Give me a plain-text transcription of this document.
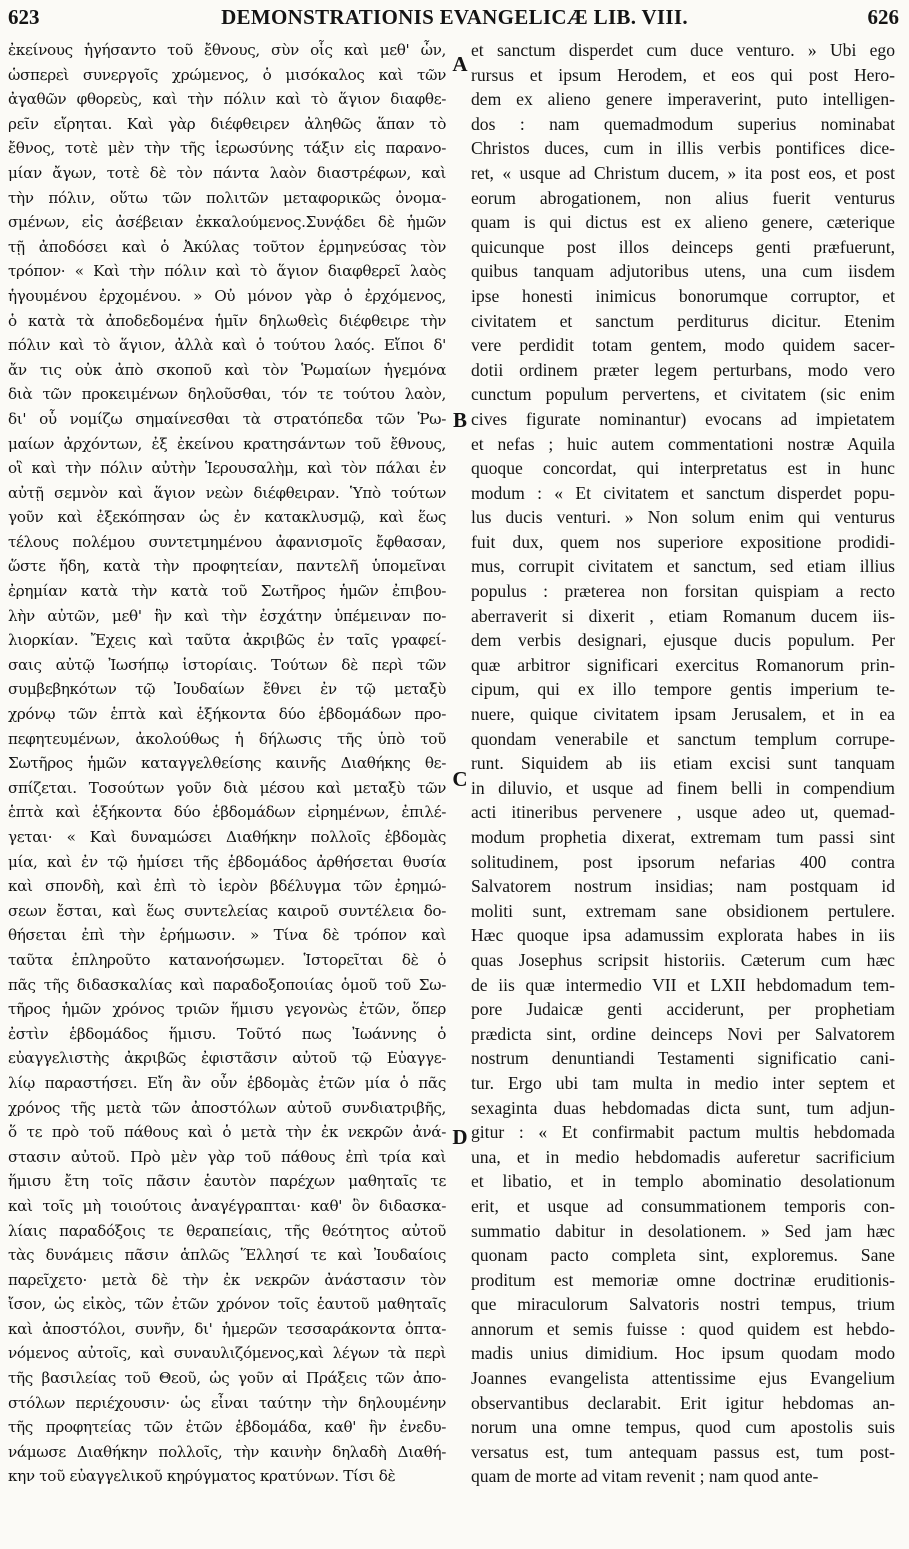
623	DEMONSTRATIONIS EVANGELICÆ LIB. VIII.	626
ἐκείνους ἡγήσαντο τοῦ ἔθνους, σὺν οἷς καὶ μεθ' ὧν,
ὡσπερεὶ συνεργοῖς χρώμενος, ὁ μισόκαλος καὶ τῶν
ἀγαθῶν φθορεὺς, καὶ τὴν πόλιν καὶ τὸ ἅγιον διαφθε-
ρεῖν εἴρηται. Καὶ γὰρ διέφθειρεν ἀληθῶς ἅπαν τὸ
ἔθνος, τοτὲ μὲν τὴν τῆς ἱερωσύνης τάξιν εἰς παρανο-
μίαν ἄγων, τοτὲ δὲ τὸν πάντα λαὸν διαστρέφων, καὶ
τὴν πόλιν, οὕτω τῶν πολιτῶν μεταφορικῶς ὀνομα-
σμένων, εἰς ἀσέβειαν ἐκκαλούμενος.Συνᾴδει δὲ ἡμῶν
τῇ ἀποδόσει καὶ ὁ Ἀκύλας τοῦτον ἑρμηνεύσας τὸν
τρόπον· « Καὶ τὴν πόλιν καὶ τὸ ἅγιον διαφθερεῖ λαὸς
ἡγουμένου ἐρχομένου. » Οὐ μόνον γὰρ ὁ ἐρχόμενος,
ὁ κατὰ τὰ ἀποδεδομένα ἡμῖν δηλωθεὶς διέφθειρε τὴν
πόλιν καὶ τὸ ἅγιον, ἀλλὰ καὶ ὁ τούτου λαός. Εἴποι δ'
ἄν τις οὐκ ἀπὸ σκοποῦ καὶ τὸν Ῥωμαίων ἡγεμόνα
διὰ τῶν προκειμένων δηλοῦσθαι, τόν τε τούτου λαὸν,
δι' οὗ νομίζω σημαίνεσθαι τὰ στρατόπεδα τῶν Ῥω-
μαίων ἀρχόντων, ἐξ ἐκείνου κρατησάντων τοῦ ἔθνους,
οἳ καὶ τὴν πόλιν αὐτὴν Ἱερουσαλὴμ, καὶ τὸν πάλαι ἐν
αὐτῇ σεμνὸν καὶ ἅγιον νεὼν διέφθειραν. Ὑπὸ τούτων
γοῦν καὶ ἐξεκόπησαν ὡς ἐν κατακλυσμῷ, καὶ ἕως
τέλους πολέμου συντετμημένου ἀφανισμοῖς ἔφθασαν,
ὥστε ἤδη, κατὰ τὴν προφητείαν, παντελῆ ὑπομεῖναι
ἐρημίαν κατὰ τὴν κατὰ τοῦ Σωτῆρος ἡμῶν ἐπιβου-
λὴν αὐτῶν, μεθ' ἣν καὶ τὴν ἐσχάτην ὑπέμειναν πο-
λιορκίαν. Ἔχεις καὶ ταῦτα ἀκριβῶς ἐν ταῖς γραφεί-
σαις αὐτῷ Ἰωσήπῳ ἱστορίαις. Τούτων δὲ περὶ τῶν
συμβεβηκότων τῷ Ἰουδαίων ἔθνει ἐν τῷ μεταξὺ
χρόνῳ τῶν ἑπτὰ καὶ ἑξήκοντα δύο ἑβδομάδων προ-
πεφητευμένων, ἀκολούθως ἡ δήλωσις τῆς ὑπὸ τοῦ
Σωτῆρος ἡμῶν καταγγελθείσης καινῆς Διαθήκης θε-
σπίζεται. Τοσούτων γοῦν διὰ μέσου καὶ μεταξὺ τῶν
ἑπτὰ καὶ ἑξήκοντα δύο ἑβδομάδων εἰρημένων, ἐπιλέ-
γεται· « Καὶ δυναμώσει Διαθήκην πολλοῖς ἑβδομὰς
μία, καὶ ἐν τῷ ἡμίσει τῆς ἑβδομάδος ἀρθήσεται θυσία
καὶ σπονδὴ, καὶ ἐπὶ τὸ ἱερὸν βδέλυγμα τῶν ἐρημώ-
σεων ἔσται, καὶ ἕως συντελείας καιροῦ συντέλεια δο-
θήσεται ἐπὶ τὴν ἐρήμωσιν. » Τίνα δὲ τρόπον καὶ
ταῦτα ἐπληροῦτο κατανοήσωμεν. Ἱστορεῖται δὲ ὁ
πᾶς τῆς διδασκαλίας καὶ παραδοξοποιίας ὁμοῦ τοῦ Σω-
τῆρος ἡμῶν χρόνος τριῶν ἥμισυ γεγονὼς ἐτῶν, ὅπερ
ἐστὶν ἑβδομάδος ἥμισυ. Τοῦτό πως Ἰωάννης ὁ
εὐαγγελιστὴς ἀκριβῶς ἐφιστᾶσιν αὐτοῦ τῷ Εὐαγγε-
λίῳ παραστήσει. Εἴη ἂν οὖν ἑβδομὰς ἐτῶν μία ὁ πᾶς
χρόνος τῆς μετὰ τῶν ἀποστόλων αὐτοῦ συνδιατριβῆς,
ὅ τε πρὸ τοῦ πάθους καὶ ὁ μετὰ τὴν ἐκ νεκρῶν ἀνά-
στασιν αὐτοῦ. Πρὸ μὲν γὰρ τοῦ πάθους ἐπὶ τρία καὶ
ἥμισυ ἔτη τοῖς πᾶσιν ἑαυτὸν παρέχων μαθηταῖς τε
καὶ τοῖς μὴ τοιούτοις ἀναγέγραπται· καθ' ὃν διδασκα-
λίαις παραδόξοις τε θεραπείαις, τῆς θεότητος αὐτοῦ
τὰς δυνάμεις πᾶσιν ἁπλῶς Ἕλλησί τε καὶ Ἰουδαίοις
παρεῖχετο· μετὰ δὲ τὴν ἐκ νεκρῶν ἀνάστασιν τὸν
ἴσον, ὡς εἰκὸς, τῶν ἐτῶν χρόνον τοῖς ἑαυτοῦ μαθηταῖς
καὶ ἀποστόλοι, συνῆν, δι' ἡμερῶν τεσσαράκοντα ὀπτα-
νόμενος αὐτοῖς, καὶ συναυλιζόμενος,καὶ λέγων τὰ περὶ
τῆς βασιλείας τοῦ Θεοῦ, ὡς γοῦν αἱ Πράξεις τῶν ἀπο-
στόλων περιέχουσιν· ὡς εἶναι ταύτην τὴν δηλουμένην
τῆς προφητείας τῶν ἐτῶν ἑβδομάδα, καθ' ἣν ἐνεδυ-
νάμωσε Διαθήκην πολλοῖς, τὴν καινὴν δηλαδὴ Διαθή-
κην τοῦ εὐαγγελικοῦ κηρύγματος κρατύνων. Τίσι δὲ
A
B
C
D
et sanctum disperdet cum duce venturo. » Ubi ego
rursus et ipsum Herodem, et eos qui post Hero-
dem ex alieno genere imperaverint, puto intelligen-
dos : nam quemadmodum superius nominabat
Christos duces, cum in illis verbis pontifices dice-
ret, « usque ad Christum ducem, » ita post eos, et post
eorum abrogationem, non alius fuerit venturus
quam is qui dictus est ex alieno genere, cæterique
quicunque post illos deinceps genti præfuerunt,
quibus tanquam adjutoribus utens, una cum iisdem
ipse honesti inimicus bonorumque corruptor, et
civitatem et sanctum perditurus dicitur. Etenim
vere perdidit totam gentem, modo quidem sacer-
dotii ordinem præter legem perturbans, modo vero
cunctum populum pervertens, et civitatem (sic enim
cives figurate nominantur) evocans ad impietatem
et nefas ; huic autem commentationi nostræ Aquila
quoque concordat, qui interpretatus est in hunc
modum : « Et civitatem et sanctum disperdet popu-
lus ducis venturi. » Non solum enim qui venturus
fuit dux, quem nos superiore expositione prodidi-
mus, corrupit civitatem et sanctum, sed etiam illius
populus : præterea non forsitan quispiam a recto
aberraverit si dixerit , etiam Romanum ducem iis-
dem verbis designari, ejusque ducis populum. Per
quæ arbitror significari exercitus Romanorum prin-
cipum, qui ex illo tempore gentis imperium te-
nuere, quique civitatem ipsam Jerusalem, et in ea
quondam venerabile et sanctum templum corrupe-
runt. Siquidem ab iis etiam excisi sunt tanquam
in diluvio, et usque ad finem belli in compendium
acti itineribus pervenere , usque adeo ut, quemad-
modum prophetia dixerat, extremam tum passi sint
solitudinem, post ipsorum nefarias 400 contra
Salvatorem nostrum insidias; nam postquam id
moliti sunt, extremam sane obsidionem pertulere.
Hæc quoque ipsa adamussim explorata habes in iis
quas Josephus scripsit historiis. Cæterum cum hæc
de iis quæ intermedio VII et LXII hebdomadum tem-
pore Judaicæ genti acciderunt, per prophetiam
prædicta sint, ordine deinceps Novi per Salvatorem
nostrum denuntiandi Testamenti significatio cani-
tur. Ergo ubi tam multa in medio inter septem et
sexaginta duas hebdomadas dicta sunt, tum adjun-
gitur : « Et confirmabit pactum multis hebdomada
una, et in medio hebdomadis auferetur sacrificium
et libatio, et in templo abominatio desolationum
erit, et usque ad consummationem temporis con-
summatio dabitur in desolationem. » Sed jam hæc
quonam pacto completa sint, exploremus. Sane
proditum est memoriæ omne doctrinæ eruditionis-
que miraculorum Salvatoris nostri tempus, trium
annorum et semis fuisse : quod quidem est hebdo-
madis unius dimidium. Hoc ipsum quodam modo
Joannes evangelista attentissime ejus Evangelium
observantibus declarabit. Erit igitur hebdomas an-
norum una omne tempus, quod cum apostolis suis
versatus est, tum antequam passus est, tum post-
quam de morte ad vitam revenit ; nam quod ante-
